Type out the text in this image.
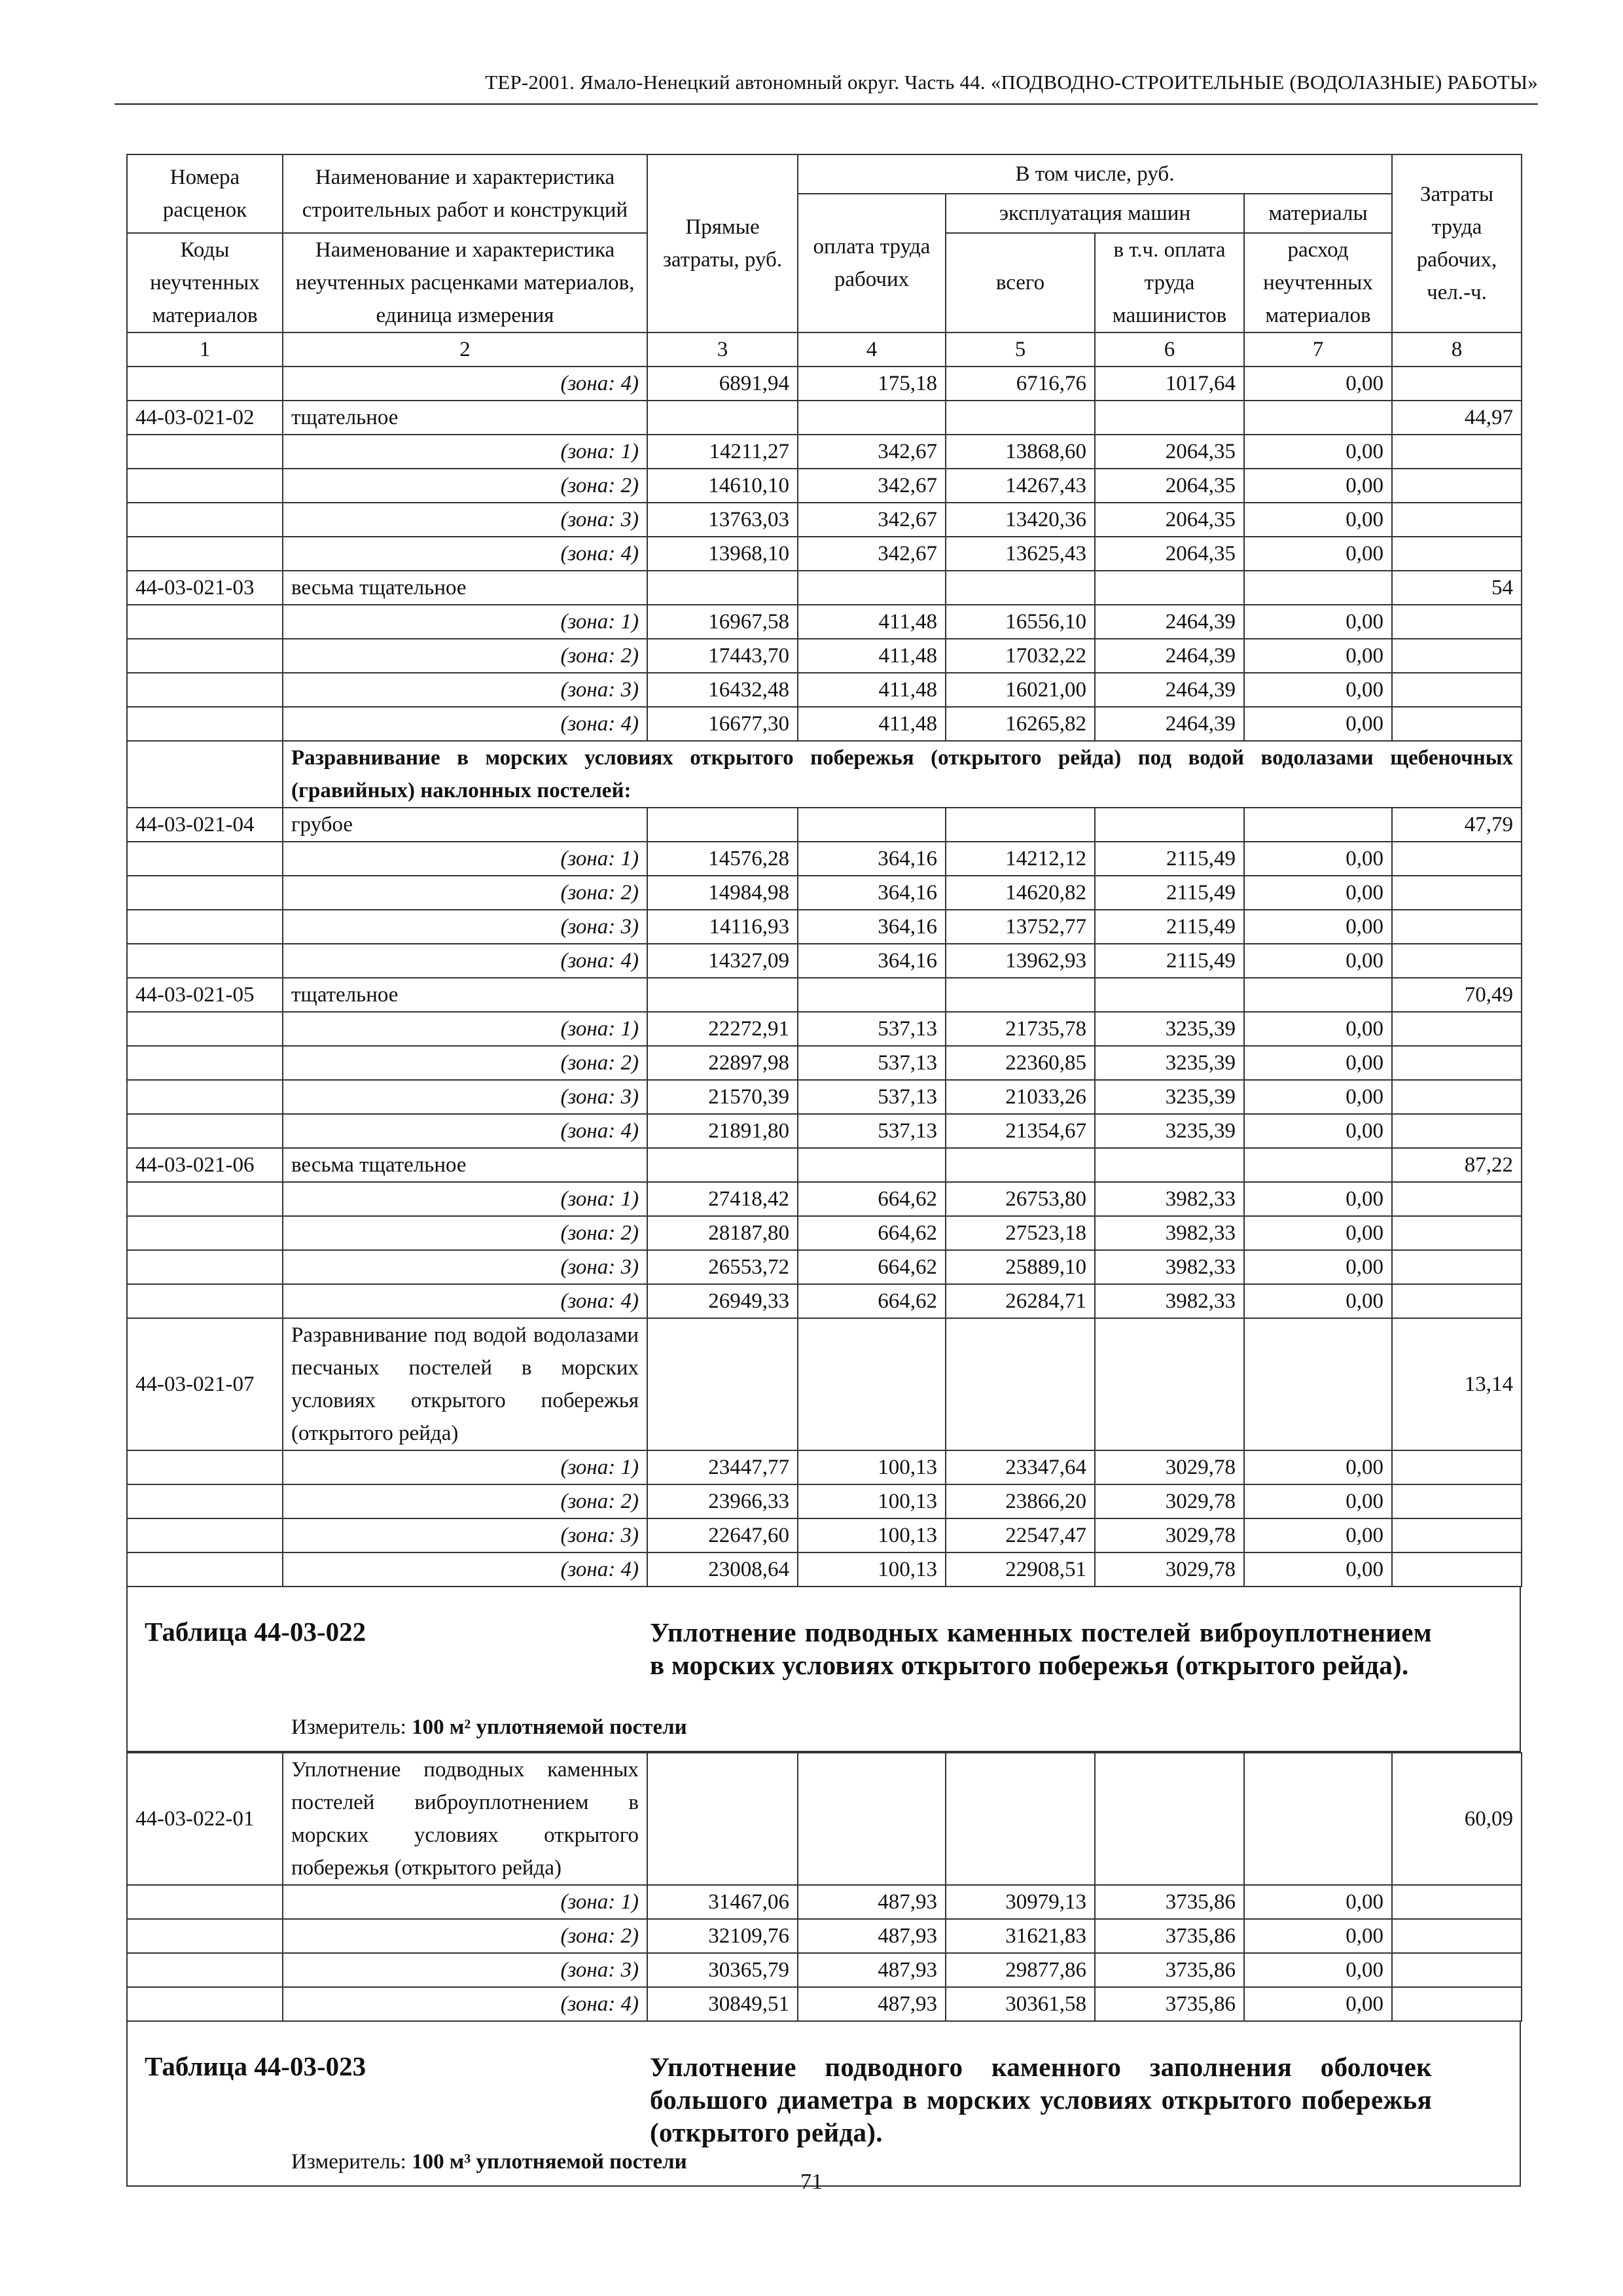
ТЕР-2001. Ямало-Ненецкий автономный округ. Часть 44. «ПОДВОДНО-СТРОИТЕЛЬНЫЕ (ВОДОЛАЗНЫЕ) РАБОТЫ»
Номера расценок	Наименование и характеристика строительных работ и конструкций	Прямые затраты, руб.	В том числе, руб.				Затраты труда рабочих, чел.-ч.
			оплата труда рабочих	эксплуатация машин		материалы	
Коды неучтенных материалов	Наименование и характеристика неучтенных расценками материалов, единица измерения			всего	в т.ч. оплата труда машинистов	расход неучтенных материалов	
1	2	3	4	5	6	7	8
	(зона: 4)	6891,94	175,18	6716,76	1017,64	0,00	
44-03-021-02	тщательное						44,97
	(зона: 1)	14211,27	342,67	13868,60	2064,35	0,00	
	(зона: 2)	14610,10	342,67	14267,43	2064,35	0,00	
	(зона: 3)	13763,03	342,67	13420,36	2064,35	0,00	
	(зона: 4)	13968,10	342,67	13625,43	2064,35	0,00	
44-03-021-03	весьма тщательное						54
	(зона: 1)	16967,58	411,48	16556,10	2464,39	0,00	
	(зона: 2)	17443,70	411,48	17032,22	2464,39	0,00	
	(зона: 3)	16432,48	411,48	16021,00	2464,39	0,00	
	(зона: 4)	16677,30	411,48	16265,82	2464,39	0,00	
	Разравнивание в морских условиях открытого побережья (открытого рейда) под водой водолазами щебеночных (гравийных) наклонных постелей:						
44-03-021-04	грубое						47,79
	(зона: 1)	14576,28	364,16	14212,12	2115,49	0,00	
	(зона: 2)	14984,98	364,16	14620,82	2115,49	0,00	
	(зона: 3)	14116,93	364,16	13752,77	2115,49	0,00	
	(зона: 4)	14327,09	364,16	13962,93	2115,49	0,00	
44-03-021-05	тщательное						70,49
	(зона: 1)	22272,91	537,13	21735,78	3235,39	0,00	
	(зона: 2)	22897,98	537,13	22360,85	3235,39	0,00	
	(зона: 3)	21570,39	537,13	21033,26	3235,39	0,00	
	(зона: 4)	21891,80	537,13	21354,67	3235,39	0,00	
44-03-021-06	весьма тщательное						87,22
	(зона: 1)	27418,42	664,62	26753,80	3982,33	0,00	
	(зона: 2)	28187,80	664,62	27523,18	3982,33	0,00	
	(зона: 3)	26553,72	664,62	25889,10	3982,33	0,00	
	(зона: 4)	26949,33	664,62	26284,71	3982,33	0,00	
44-03-021-07	Разравнивание под водой водолазами песчаных постелей в морских условиях открытого побережья (открытого рейда)						13,14
	(зона: 1)	23447,77	100,13	23347,64	3029,78	0,00	
	(зона: 2)	23966,33	100,13	23866,20	3029,78	0,00	
	(зона: 3)	22647,60	100,13	22547,47	3029,78	0,00	
	(зона: 4)	23008,64	100,13	22908,51	3029,78	0,00	
Таблица 44-03-022	Уплотнение подводных каменных постелей виброуплотнением в морских условиях открытого побережья (открытого рейда).
Измеритель: 100 м² уплотняемой постели
44-03-022-01	Уплотнение подводных каменных постелей виброуплотнением в морских условиях открытого побережья (открытого рейда)						60,09
	(зона: 1)	31467,06	487,93	30979,13	3735,86	0,00	
	(зона: 2)	32109,76	487,93	31621,83	3735,86	0,00	
	(зона: 3)	30365,79	487,93	29877,86	3735,86	0,00	
	(зона: 4)	30849,51	487,93	30361,58	3735,86	0,00	
Таблица 44-03-023	Уплотнение подводного каменного заполнения оболочек большого диаметра в морских условиях открытого побережья (открытого рейда).
Измеритель: 100 м³ уплотняемой постели
71
